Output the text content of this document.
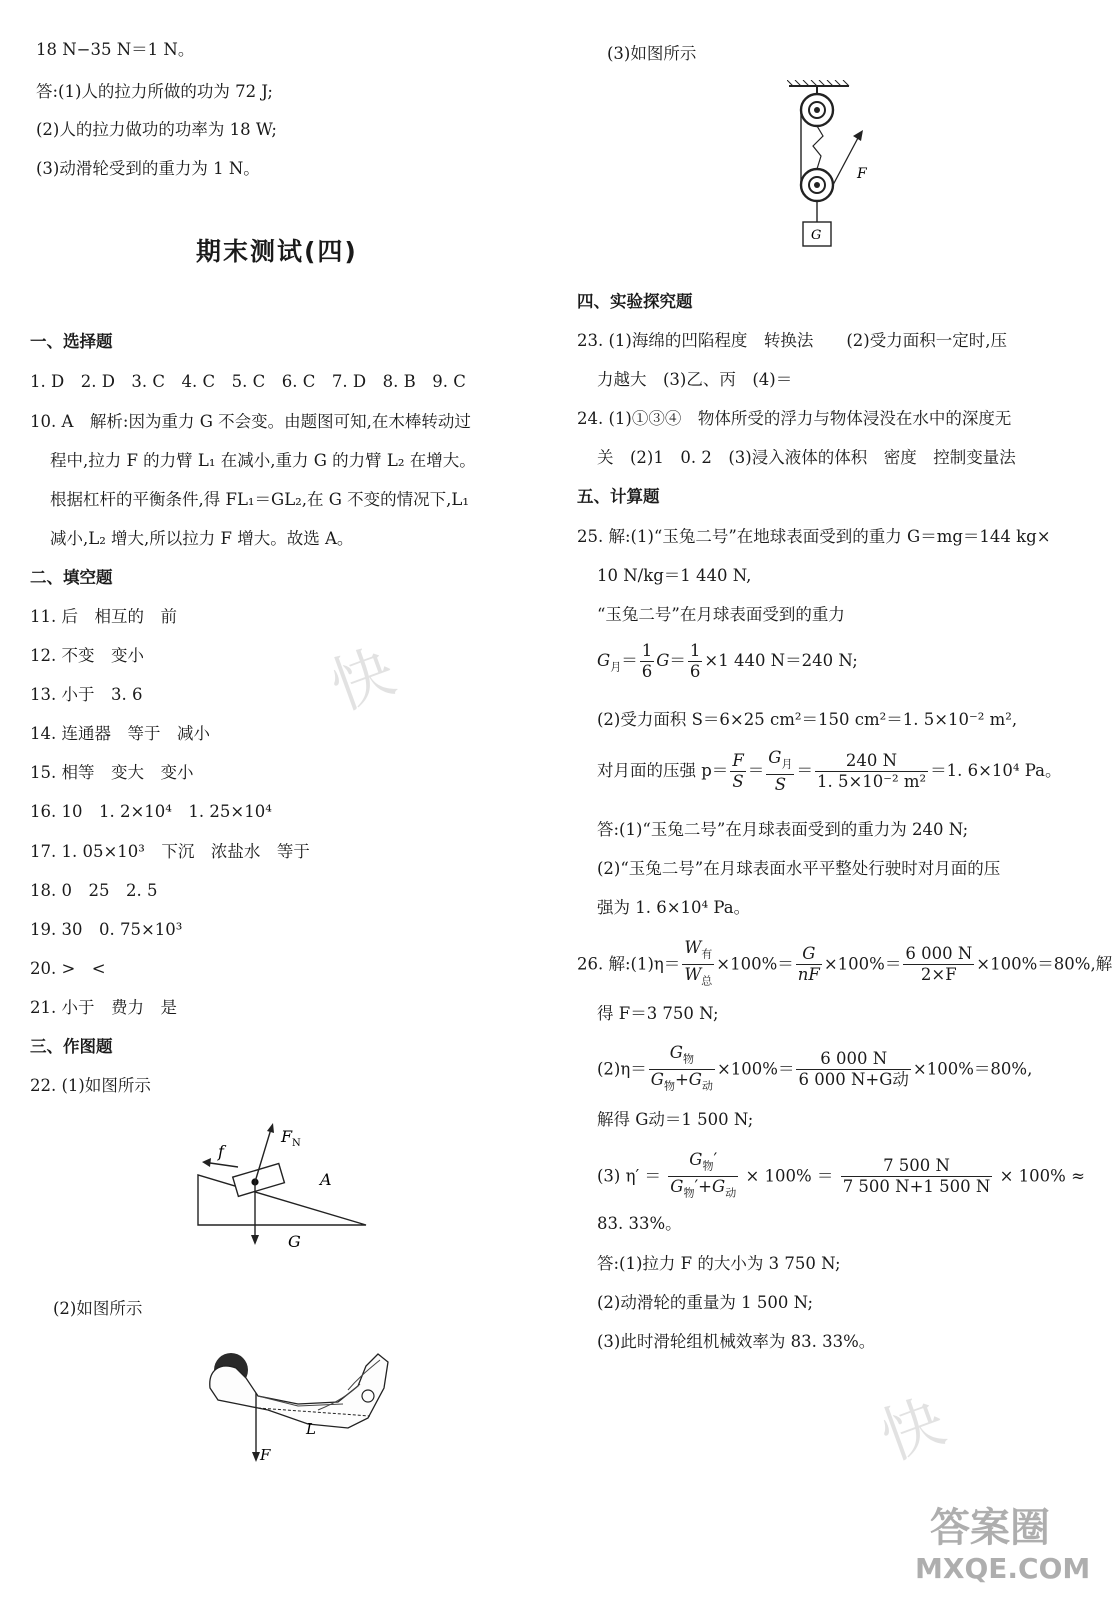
18 N−35 N＝1 N。
答:(1)人的拉力所做的功为 72 J;
(2)人的拉力做功的功率为 18 W;
(3)动滑轮受到的重力为 1 N。
期末测试(四)
一、选择题
1. D　2. D　3. C　4. C　5. C　6. C　7. D　8. B　9. C
10. A　解析:因为重力 G 不会变。由题图可知,在木棒转动过
程中,拉力 F 的力臂 L₁ 在减小,重力 G 的力臂 L₂ 在增大。
根据杠杆的平衡条件,得 FL₁＝GL₂,在 G 不变的情况下,L₁
减小,L₂ 增大,所以拉力 F 增大。故选 A。
二、填空题
11. 后　相互的　前
12. 不变　变小
13. 小于　3. 6
14. 连通器　等于　减小
15. 相等　变大　变小
16. 10　1. 2×10⁴　1. 25×10⁴
17. 1. 05×10³　下沉　浓盐水　等于
18. 0　25　2. 5
19. 30　0. 75×10³
20. >　<
21. 小于　费力　是
三、作图题
22. (1)如图所示
f
F N
A
G
(2)如图所示
L
F
(3)如图所示
G
F
四、实验探究题
23. (1)海绵的凹陷程度　转换法　　(2)受力面积一定时,压
力越大　(3)乙、丙　(4)＝
24. (1)①③④　物体所受的浮力与物体浸没在水中的深度无
关　(2)1　0. 2　(3)浸入液体的体积　密度　控制变量法
五、计算题
25. 解:(1)“玉兔二号”在地球表面受到的重力 G＝mg＝144 kg×
10 N/kg＝1 440 N,
“玉兔二号”在月球表面受到的重力
$G_月= \frac{1}{6} G= \frac{1}{6} \times 1$ 440 N＝240 N;
(2)受力面积 S＝6×25 cm²＝150 cm²＝1. 5×10⁻² m²,
对月面的压强 $p= \frac{F}{S} = \frac{G_月}{S} = \frac{240 N}{\text{1. 5×10⁻² m²}} =1$. 6×10⁴ Pa。
答:(1)“玉兔二号”在月球表面受到的重力为 240 N;
(2)“玉兔二号”在月球表面水平平整处行驶时对月面的压
强为 1. 6×10⁴ Pa。
26. 解:(1)η＝ $\frac{W_有}{W_总} \times 100\%= \frac{G}{nF} \times 100\%= \frac{6 000 N}{2\times F} \times 100\%=80\%$,解
得 F＝3 750 N;
$(2)\eta= \frac{G_物}{G_物+G_动} \times 100\%= \frac{6 000 N}{\text{6 000 N+G动}} \times 100\%=80\%$,
解得 G动＝1 500 N;
(3) $\eta' = \frac{G_物'}{G_物'+G_动} \times 100\% = \frac{7 500 N}{7 500 N+1 500 N} \times 100\%$ ≈
83. 33%。
答:(1)拉力 F 的大小为 3 750 N;
(2)动滑轮的重量为 1 500 N;
(3)此时滑轮组机械效率为 83. 33%。
快
快
答案圈
MXQE.COM
